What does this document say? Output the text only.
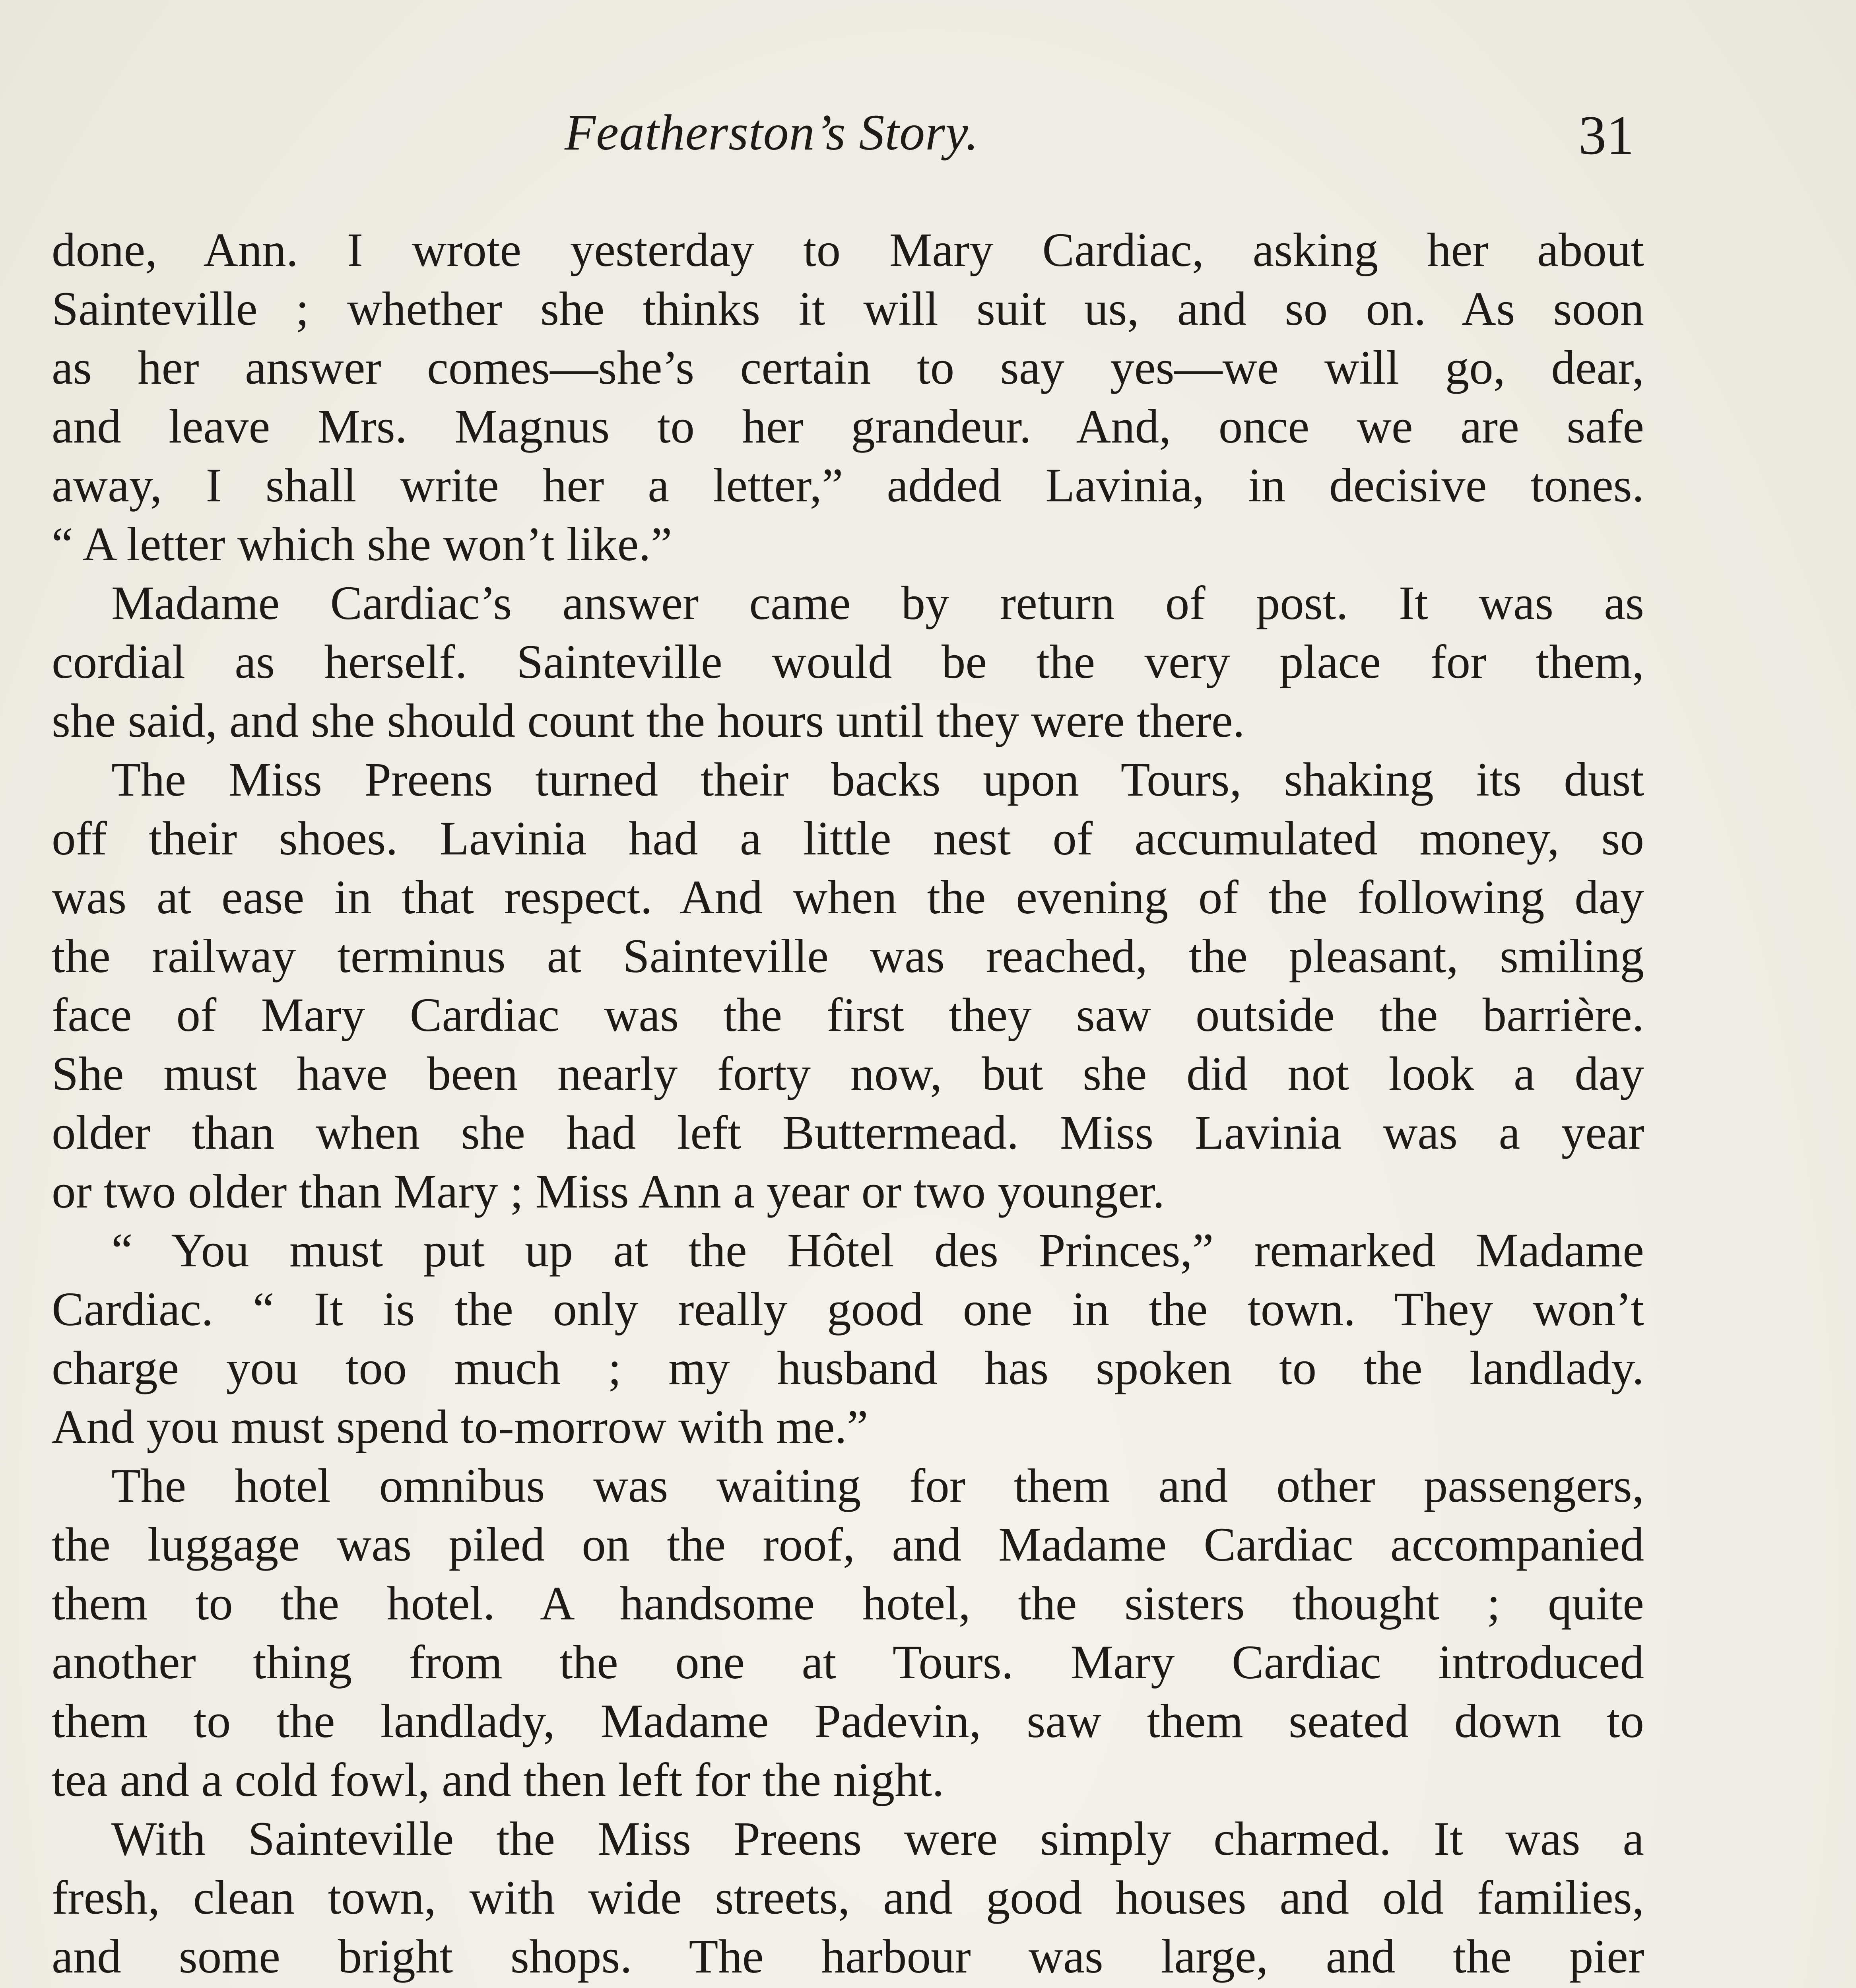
Featherston’s Story.	31
done, Ann. I wrote yesterday to Mary Cardiac, asking her about
Sainteville ; whether she thinks it will suit us, and so on. As soon
as her answer comes—she’s certain to say yes—we will go, dear,
and leave Mrs. Magnus to her grandeur. And, once we are safe
away, I shall write her a letter,” added Lavinia, in decisive tones.
“ A letter which she won’t like.”
Madame Cardiac’s answer came by return of post. It was as
cordial as herself. Sainteville would be the very place for them,
she said, and she should count the hours until they were there.
The Miss Preens turned their backs upon Tours, shaking its dust
off their shoes. Lavinia had a little nest of accumulated money, so
was at ease in that respect. And when the evening of the following day
the railway terminus at Sainteville was reached, the pleasant, smiling
face of Mary Cardiac was the first they saw outside the barrière.
She must have been nearly forty now, but she did not look a day
older than when she had left Buttermead. Miss Lavinia was a year
or two older than Mary ; Miss Ann a year or two younger.
“ You must put up at the Hôtel des Princes,” remarked Madame
Cardiac. “ It is the only really good one in the town. They won’t
charge you too much ; my husband has spoken to the landlady.
And you must spend to-morrow with me.”
The hotel omnibus was waiting for them and other passengers,
the luggage was piled on the roof, and Madame Cardiac accompanied
them to the hotel. A handsome hotel, the sisters thought ; quite
another thing from the one at Tours. Mary Cardiac introduced
them to the landlady, Madame Padevin, saw them seated down to
tea and a cold fowl, and then left for the night.
With Sainteville the Miss Preens were simply charmed. It was a
fresh, clean town, with wide streets, and good houses and old families,
and some bright shops. The harbour was large, and the pier
